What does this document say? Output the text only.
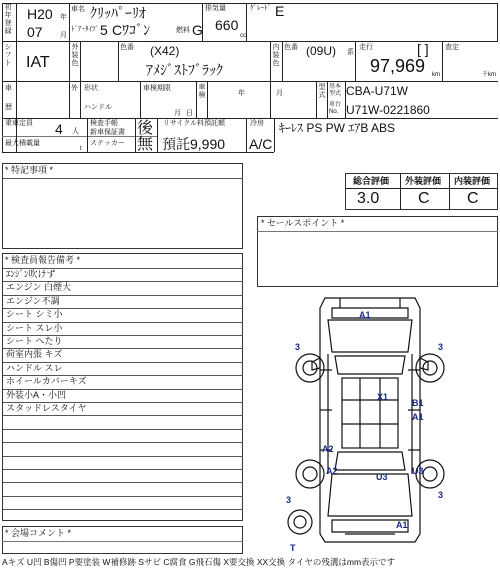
初年登録
H20 年
07 月
車名 ｸﾘｯﾊﾟｰﾘｵ
ﾄﾞｱ･ﾀｲﾌﾟ 5 Cﾜｺﾞﾝ	燃料 G
排気量
660
cc
ｸﾞﾚｰﾄﾞ E
シフト IAT
外装色
色番 (X42)
ｱﾒｼﾞｽﾄﾌﾞﾗｯｸ
内装色
色番 (09U) 系
走行	[ ]
97,969 km
査定
千km
車
歴
外 形状
ハンドル
車検期限
月 日
車検	年	月
型式
基本型式 CBA-U71W
車台No. U71W-0221860
乗車定員 4 人
最大積載量
t
検査手帳
新車保証書
ステッカー
後
無
リサイクル料預託額
預託9,990
冷房
A/C
ｷｰﾚｽ PS PW ｴｱB ABS
* 特記事項 *
総合評価 外装評価 内装評価
3.0 C C
* セールスポイント *
* 検査員報告備考 *
ｴﾝｼﾞﾝ吹けず
エンジン 白煙大
エンジン不調
シート シミ小
シート スレ小
シート へたり
荷室内張 キズ
ハンドル スレ
ホイールカバーキズ
外装小A・小凹
スタッドレスタイヤ
* 会場コメント *
A1
3	3
X1
B1
A1
A2
A2
U3
U3
3	3
A1
T
Aキズ U凹 B傷凹 P要塗装 W補修跡 Sサビ C腐食 G飛石傷 X要交換 XX交換 タイヤの残溝はmm表示です
